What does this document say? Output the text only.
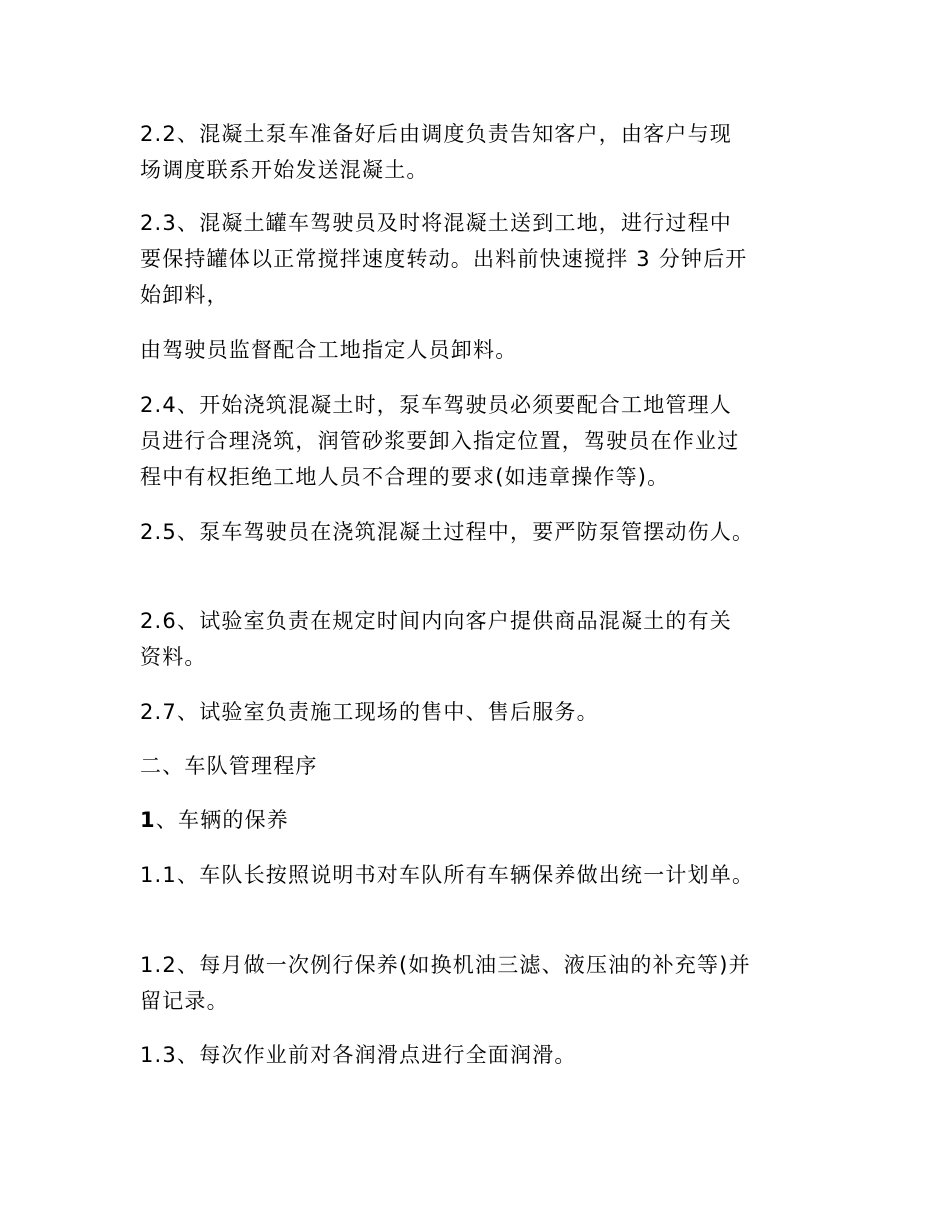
2.2、混凝土泵车准备好后由调度负责告知客户，由客户与现
场调度联系开始发送混凝土。
2.3、混凝土罐车驾驶员及时将混凝土送到工地，进行过程中
要保持罐体以正常搅拌速度转动。出料前快速搅拌 3 分钟后开
始卸料，
由驾驶员监督配合工地指定人员卸料。
2.4、开始浇筑混凝土时，泵车驾驶员必须要配合工地管理人
员进行合理浇筑，润管砂浆要卸入指定位置，驾驶员在作业过
程中有权拒绝工地人员不合理的要求(如违章操作等)。
2.5、泵车驾驶员在浇筑混凝土过程中，要严防泵管摆动伤人。
2.6、试验室负责在规定时间内向客户提供商品混凝土的有关
资料。
2.7、试验室负责施工现场的售中、售后服务。
二、车队管理程序
1、车辆的保养
1.1、车队长按照说明书对车队所有车辆保养做出统一计划单。
1.2、每月做一次例行保养(如换机油三滤、液压油的补充等)并
留记录。
1.3、每次作业前对各润滑点进行全面润滑。
